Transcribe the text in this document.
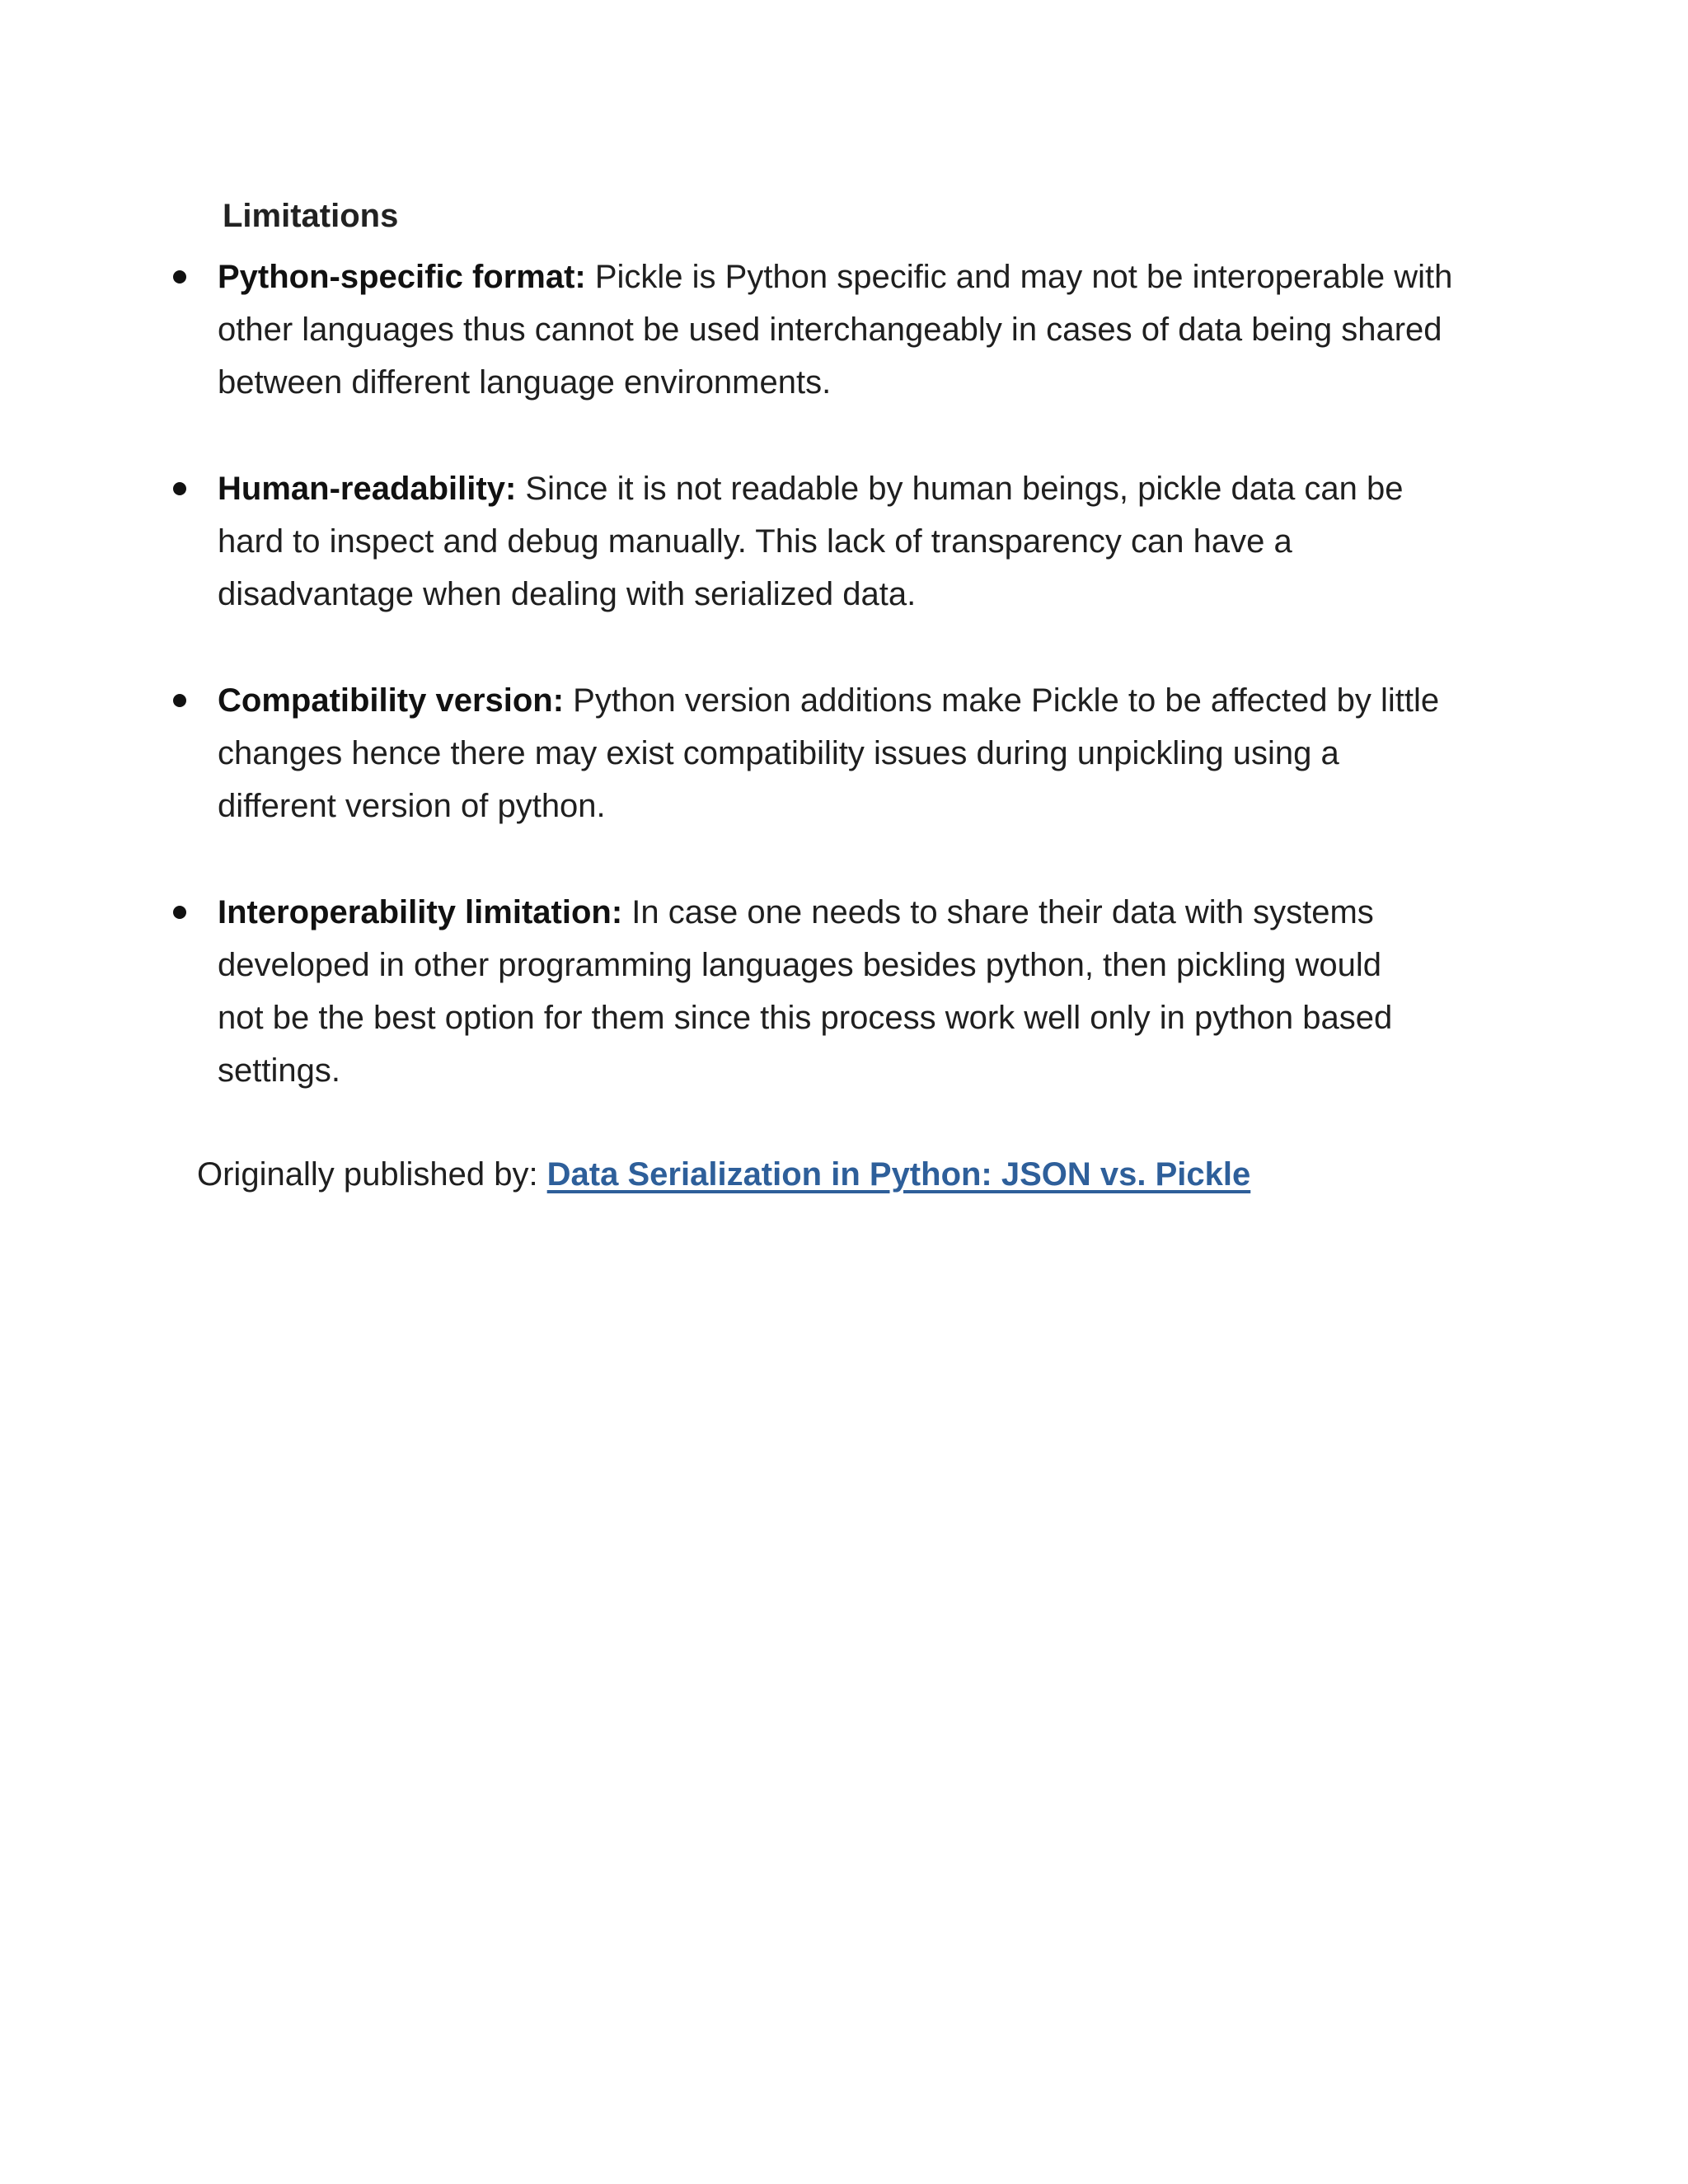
Limitations
Python-specific format: Pickle is Python specific and may not be interoperable with
other languages thus cannot be used interchangeably in cases of data being shared
between different language environments.
Human-readability: Since it is not readable by human beings, pickle data can be
hard to inspect and debug manually. This lack of transparency can have a
disadvantage when dealing with serialized data.
Compatibility version: Python version additions make Pickle to be affected by little
changes hence there may exist compatibility issues during unpickling using a
different version of python.
Interoperability limitation: In case one needs to share their data with systems
developed in other programming languages besides python, then pickling would
not be the best option for them since this process work well only in python based
settings.
Originally published by: Data Serialization in Python: JSON vs. Pickle
